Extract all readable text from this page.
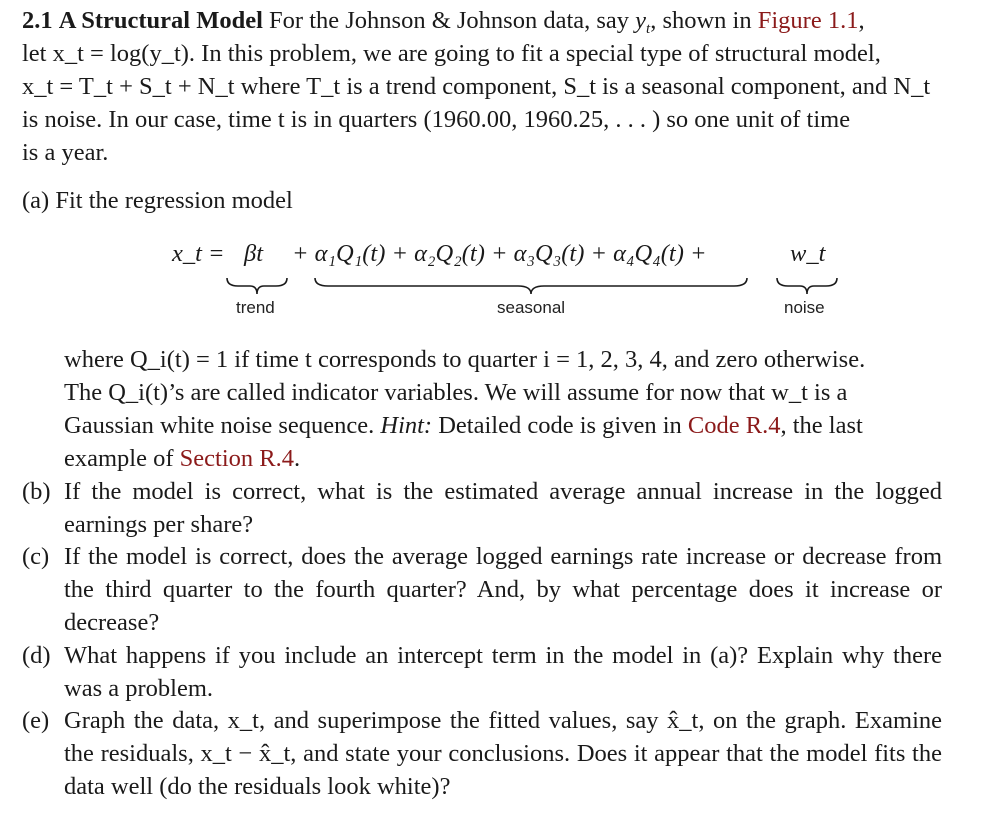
2.1 A Structural Model For the Johnson & Johnson data, say $y_t$, shown in Figure 1.1,
let x_t = log(y_t). In this problem, we are going to fit a special type of structural model,
x_t = T_t + S_t + N_t where T_t is a trend component, S_t is a seasonal component, and N_t
is noise. In our case, time t is in quarters (1960.00, 1960.25, . . . ) so one unit of time
is a year.
(a) Fit the regression model
x_t = βt + α₁Q₁(t) + α₂Q₂(t) + α₃Q₃(t) + α₄Q₄(t) +	w_t
trend	seasonal	noise
where Q_i(t) = 1 if time t corresponds to quarter i = 1, 2, 3, 4, and zero otherwise.
The Q_i(t)’s are called indicator variables. We will assume for now that w_t is a
Gaussian white noise sequence. Hint: Detailed code is given in Code R.4, the last
example of Section R.4.
(b) If the model is correct, what is the estimated average annual increase in the logged earnings per share?
(c) If the model is correct, does the average logged earnings rate increase or decrease from the third quarter to the fourth quarter? And, by what percentage does it increase or decrease?
(d) What happens if you include an intercept term in the model in (a)? Explain why there was a problem.
(e) Graph the data, x_t, and superimpose the fitted values, say x̂_t, on the graph. Examine the residuals, x_t − x̂_t, and state your conclusions. Does it appear that the model fits the data well (do the residuals look white)?
